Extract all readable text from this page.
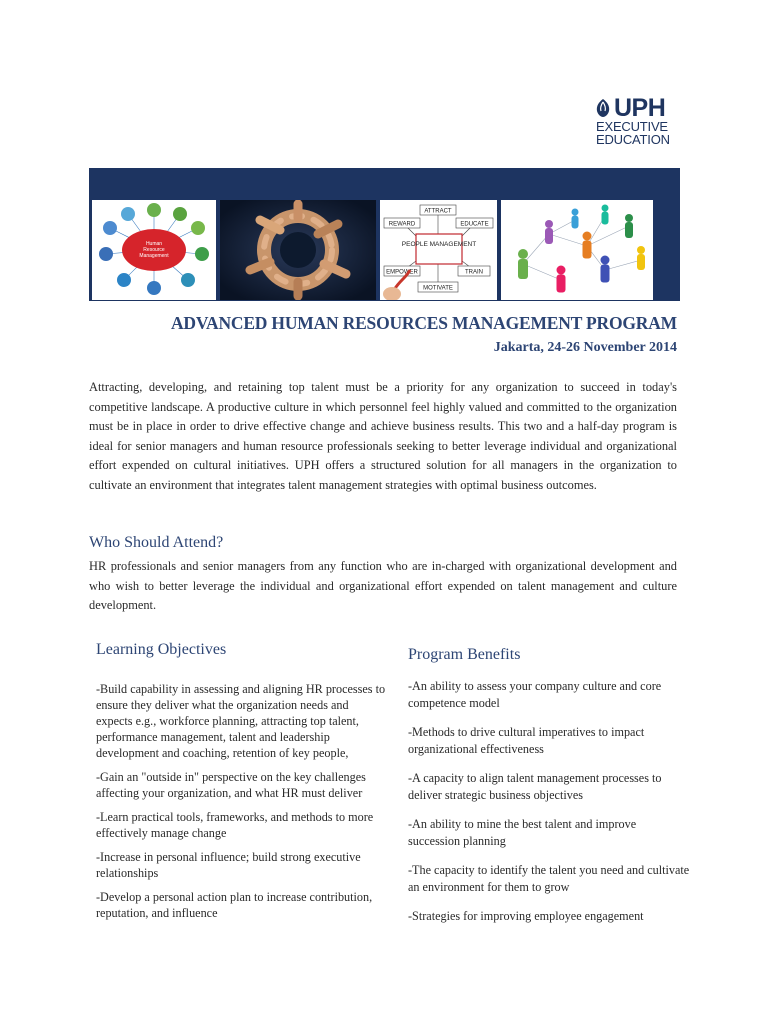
UPH
EXECUTIVE
EDUCATION
Human Resource Management
PEOPLE MANAGEMENT
ATTRACT
REWARD	EDUCATE
EMPOWER	TRAIN
MOTIVATE
ADVANCED HUMAN RESOURCES MANAGEMENT PROGRAM
Jakarta, 24-26 November 2014

Attracting, developing, and retaining top talent must be a priority for any organization to succeed in today's competitive landscape. A productive culture in which personnel feel highly valued and committed to the organization must be in place in order to drive effective change and achieve business results. This two and a half-day program is ideal for senior managers and human resource professionals seeking to better leverage individual and organizational effort expended on cultural initiatives. UPH offers a structured solution for all managers in the organization to cultivate an environment that integrates talent management strategies with optimal business outcomes.

Who Should Attend?

HR professionals and senior managers from any function who are in-charged with organizational development and who wish to better leverage the individual and organizational effort expended on talent management and culture development.

Learning Objectives
-Build capability in assessing and aligning HR processes to ensure they deliver what the organization needs and expects e.g., workforce planning, attracting top talent, performance management, talent and leadership development and coaching, retention of key people,
-Gain an "outside in" perspective on the key challenges affecting your organization, and what HR must deliver
-Learn practical tools, frameworks, and methods to more effectively manage change
-Increase in personal influence; build strong executive relationships
-Develop a personal action plan to increase contribution, reputation, and influence
Program Benefits
-An ability to assess your company culture and core competence model
-Methods to drive cultural imperatives to impact organizational effectiveness
-A capacity to align talent management processes to deliver strategic business objectives
-An ability to mine the best talent and improve succession planning
-The capacity to identify the talent you need and cultivate an environment for them to grow
-Strategies for improving employee engagement
